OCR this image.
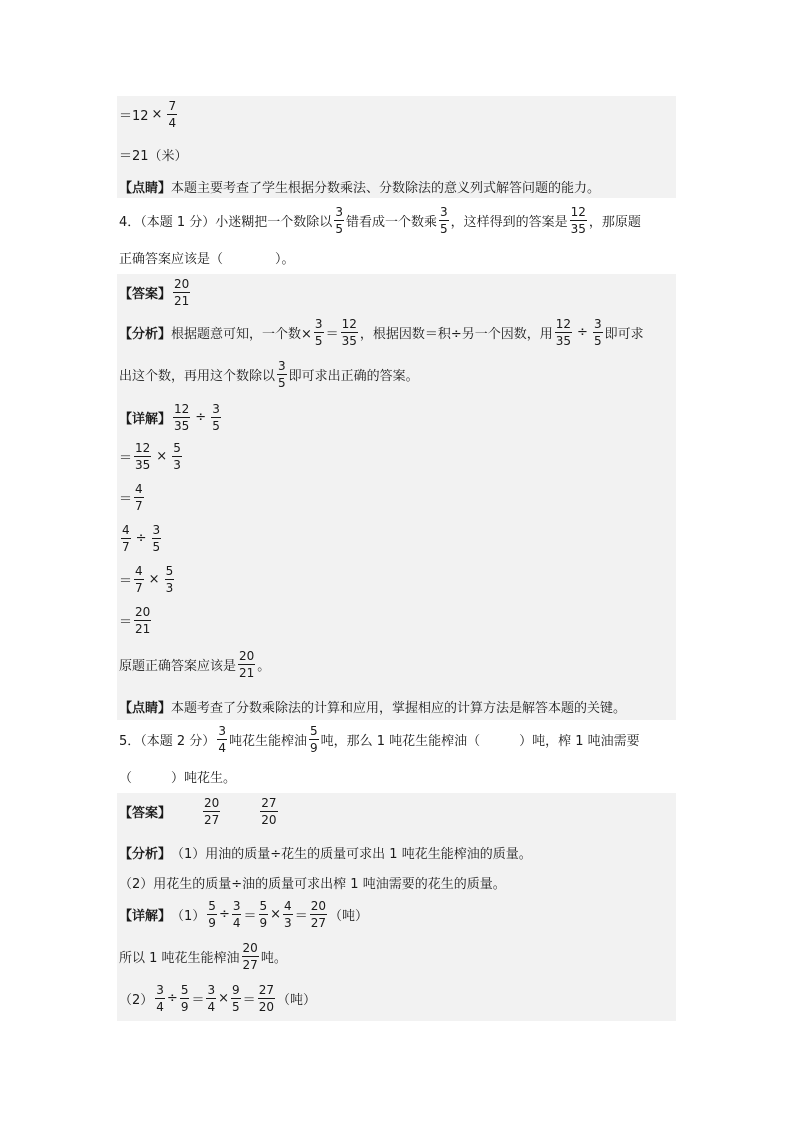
$=12 \times \frac{7}{4}$
＝21（米）
【点睛】 本题主要考查了学生根据分数乘法、分数除法的意义列式解答问题的能力。
4．（本题 1 分）小迷糊把一个数除以 $\frac{3}{5}$ 错看成一个数乘 $\frac{3}{5}$ ，这样得到的答案是 $\frac{12}{35}$ ，那原题
正确答案应该是（　　　　）。
【答案】 $\frac{20}{21}$
【分析】 根据题意可知，一个数× $\frac{3}{5} = \frac{12}{35}$ ，根据因数＝积÷另一个因数，用 $\frac{12}{35} \div \frac{3}{5}$ 即可求
出这个数，再用这个数除以 $\frac{3}{5}$ 即可求出正确的答案。
【详解】 $\frac{12}{35} \div \frac{3}{5}$
＝ $\frac{12}{35} \times \frac{5}{3}$
＝ $\frac{4}{7}$
$\frac{4}{7} \div \frac{3}{5}$
＝ $\frac{4}{7} \times \frac{5}{3}$
＝ $\frac{20}{21}$
原题正确答案应该是 $\frac{20}{21}$ 。
【点睛】 本题考查了分数乘除法的计算和应用，掌握相应的计算方法是解答本题的关键。
5．（本题 2 分） $\frac{3}{4}$ 吨花生能榨油 $\frac{5}{9}$ 吨，那么 1 吨花生能榨油（　　　）吨，榨 1 吨油需要
（　　　）吨花生。
【答案】	$\frac{20}{27}$	$\frac{27}{20}$
【分析】 （1）用油的质量÷花生的质量可求出 1 吨花生能榨油的质量。
（2）用花生的质量÷油的质量可求出榨 1 吨油需要的花生的质量。
【详解】 $(1) \frac{5}{9} \div \frac{3}{4} = \frac{5}{9} \times \frac{4}{3} = \frac{20}{27}$ （吨）
所以 1 吨花生能榨油 $\frac{20}{27}$ 吨。
$(2) \frac{3}{4} \div \frac{5}{9} = \frac{3}{4} \times \frac{9}{5} = \frac{27}{20}$ （吨）
